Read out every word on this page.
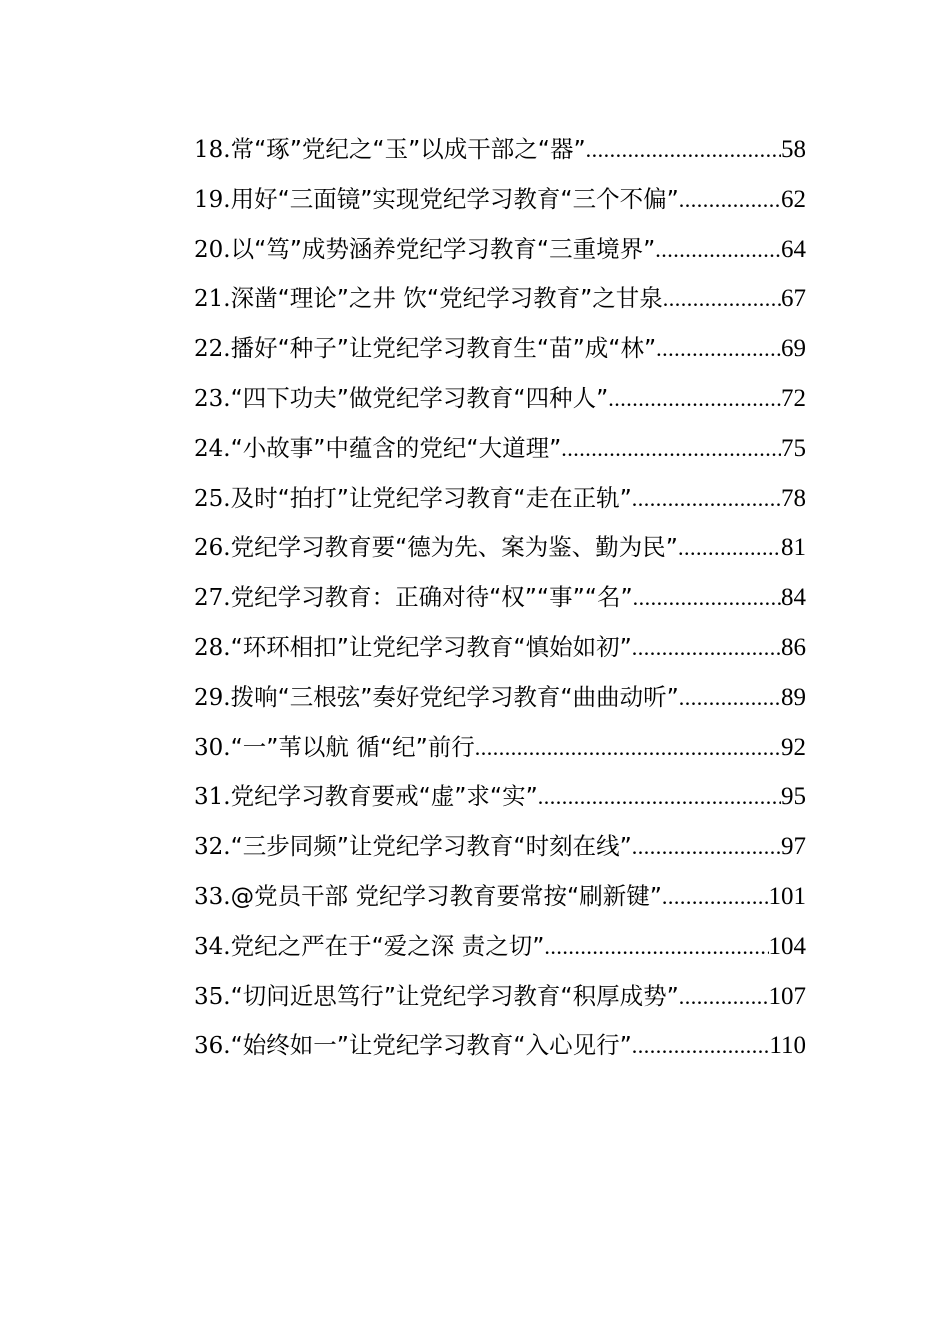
18.常“琢”党纪之“玉”以成干部之“器” .....	58
19.用好“三面镜”实现党纪学习教育“三个不偏” .....	62
20.以“笃”成势涵养党纪学习教育“三重境界” .....	64
21.深凿“理论”之井 饮“党纪学习教育”之甘泉 .....	67
22.播好“种子”让党纪学习教育生“苗”成“林” .....	69
23.“四下功夫”做党纪学习教育“四种人” .....	72
24.“小故事”中蕴含的党纪“大道理” .....	75
25.及时“拍打”让党纪学习教育“走在正轨” .....	78
26.党纪学习教育要“德为先、案为鉴、勤为民” .....	81
27.党纪学习教育：正确对待“权”“事”“名” .....	84
28.“环环相扣”让党纪学习教育“慎始如初” .....	86
29.拨响“三根弦”奏好党纪学习教育“曲曲动听” .....	89
30.“一”苇以航 循“纪”前行 .....	92
31.党纪学习教育要戒“虚”求“实” .....	95
32.“三步同频”让党纪学习教育“时刻在线” .....	97
33.@党员干部 党纪学习教育要常按“刷新键” .....	101
34.党纪之严在于“爱之深 责之切” .....	104
35.“切问近思笃行”让党纪学习教育“积厚成势” .....	107
36.“始终如一”让党纪学习教育“入心见行” .....	110
